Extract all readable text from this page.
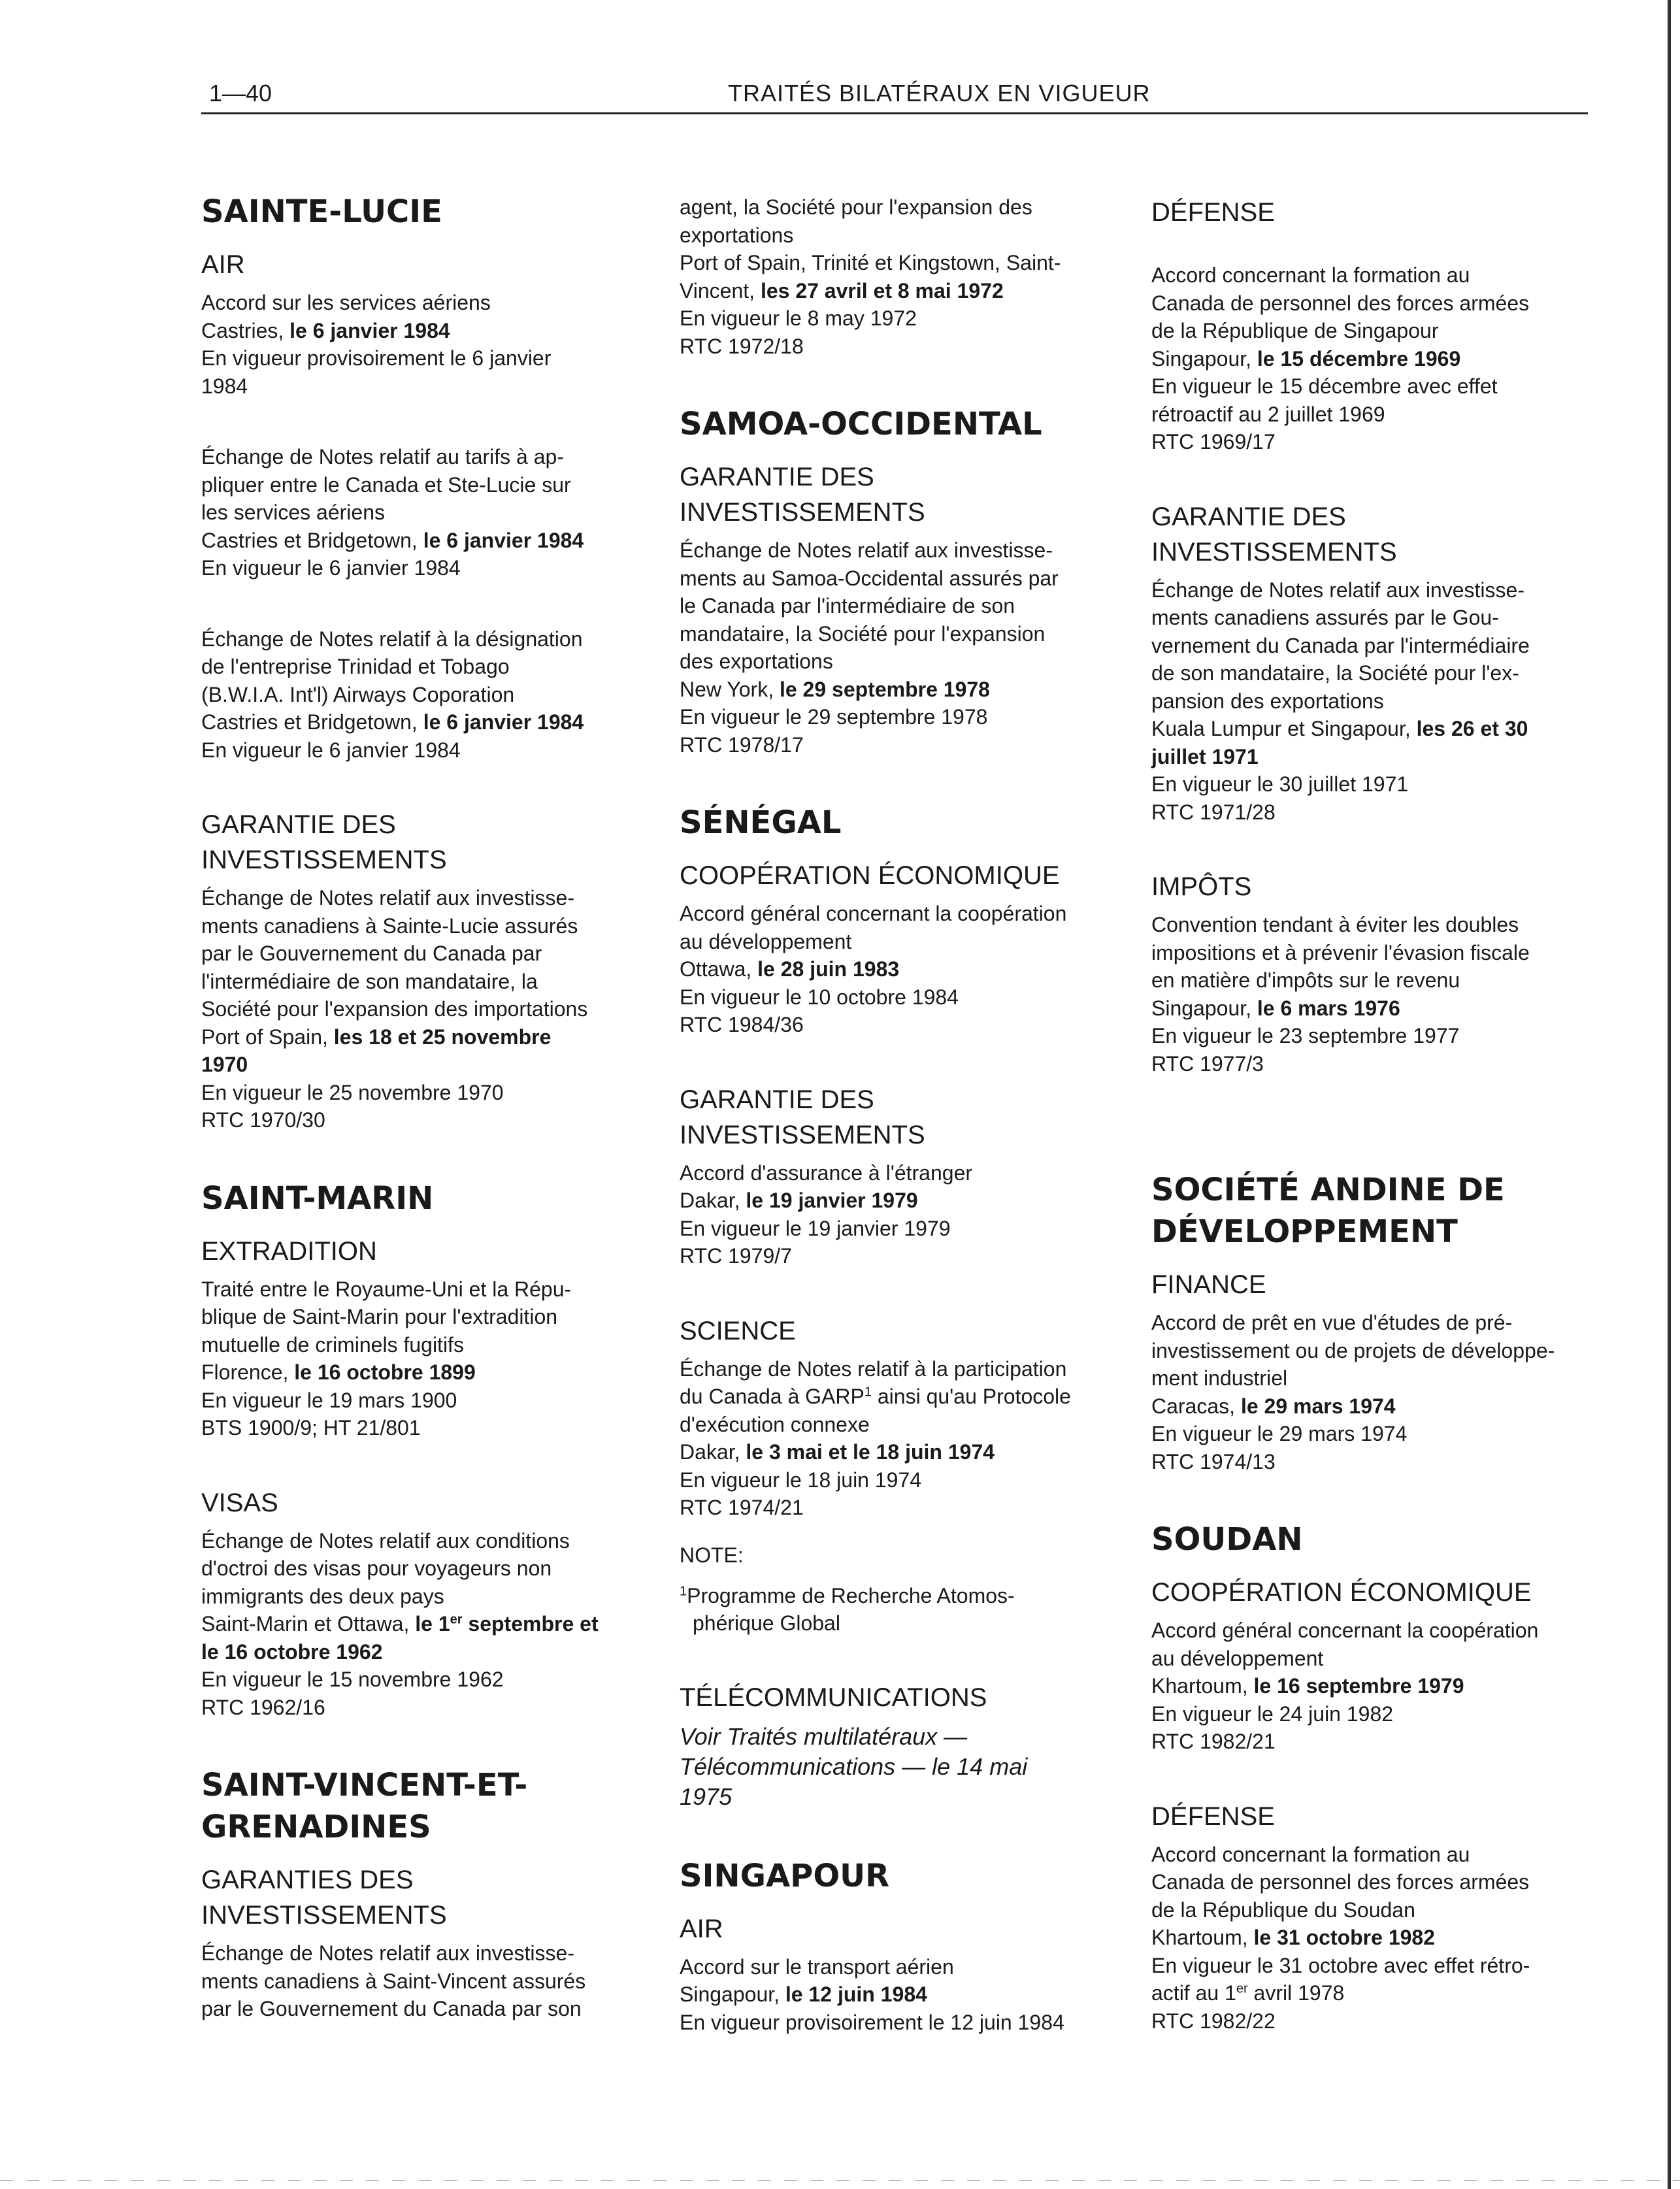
1—40	TRAITÉS BILATÉRAUX EN VIGUEUR
SAINTE-LUCIE
AIR
Accord sur les services aériens
Castries, le 6 janvier 1984
En vigueur provisoirement le 6 janvier
1984
Échange de Notes relatif au tarifs à ap-
pliquer entre le Canada et Ste-Lucie sur
les services aériens
Castries et Bridgetown, le 6 janvier 1984
En vigueur le 6 janvier 1984
Échange de Notes relatif à la désignation
de l'entreprise Trinidad et Tobago
(B.W.I.A. Int'l) Airways Coporation
Castries et Bridgetown, le 6 janvier 1984
En vigueur le 6 janvier 1984
GARANTIE DES
INVESTISSEMENTS
Échange de Notes relatif aux investisse-
ments canadiens à Sainte-Lucie assurés
par le Gouvernement du Canada par
l'intermédiaire de son mandataire, la
Société pour l'expansion des importations
Port of Spain, les 18 et 25 novembre
1970
En vigueur le 25 novembre 1970
RTC 1970/30
SAINT-MARIN
EXTRADITION
Traité entre le Royaume-Uni et la Répu-
blique de Saint-Marin pour l'extradition
mutuelle de criminels fugitifs
Florence, le 16 octobre 1899
En vigueur le 19 mars 1900
BTS 1900/9; HT 21/801
VISAS
Échange de Notes relatif aux conditions
d'octroi des visas pour voyageurs non
immigrants des deux pays
Saint-Marin et Ottawa, le 1er septembre et
le 16 octobre 1962
En vigueur le 15 novembre 1962
RTC 1962/16
SAINT-VINCENT-ET-
GRENADINES
GARANTIES DES
INVESTISSEMENTS
Échange de Notes relatif aux investisse-
ments canadiens à Saint-Vincent assurés
par le Gouvernement du Canada par son
agent, la Société pour l'expansion des
exportations
Port of Spain, Trinité et Kingstown, Saint-
Vincent, les 27 avril et 8 mai 1972
En vigueur le 8 may 1972
RTC 1972/18
SAMOA-OCCIDENTAL
GARANTIE DES
INVESTISSEMENTS
Échange de Notes relatif aux investisse-
ments au Samoa-Occidental assurés par
le Canada par l'intermédiaire de son
mandataire, la Société pour l'expansion
des exportations
New York, le 29 septembre 1978
En vigueur le 29 septembre 1978
RTC 1978/17
SÉNÉGAL
COOPÉRATION ÉCONOMIQUE
Accord général concernant la coopération
au développement
Ottawa, le 28 juin 1983
En vigueur le 10 octobre 1984
RTC 1984/36
GARANTIE DES
INVESTISSEMENTS
Accord d'assurance à l'étranger
Dakar, le 19 janvier 1979
En vigueur le 19 janvier 1979
RTC 1979/7
SCIENCE
Échange de Notes relatif à la participation
du Canada à GARP$^1$ ainsi qu'au Protocole
d'exécution connexe
Dakar, le 3 mai et le 18 juin 1974
En vigueur le 18 juin 1974
RTC 1974/21
NOTE:
$^1$Programme de Recherche Atomos-
phérique Global
TÉLÉCOMMUNICATIONS
Voir Traités multilatéraux —
Télécommunications — le 14 mai
1975
SINGAPOUR
AIR
Accord sur le transport aérien
Singapour, le 12 juin 1984
En vigueur provisoirement le 12 juin 1984
DÉFENSE
Accord concernant la formation au
Canada de personnel des forces armées
de la République de Singapour
Singapour, le 15 décembre 1969
En vigueur le 15 décembre avec effet
rétroactif au 2 juillet 1969
RTC 1969/17
GARANTIE DES
INVESTISSEMENTS
Échange de Notes relatif aux investisse-
ments canadiens assurés par le Gou-
vernement du Canada par l'intermédiaire
de son mandataire, la Société pour l'ex-
pansion des exportations
Kuala Lumpur et Singapour, les 26 et 30
juillet 1971
En vigueur le 30 juillet 1971
RTC 1971/28
IMPÔTS
Convention tendant à éviter les doubles
impositions et à prévenir l'évasion fiscale
en matière d'impôts sur le revenu
Singapour, le 6 mars 1976
En vigueur le 23 septembre 1977
RTC 1977/3
SOCIÉTÉ ANDINE DE
DÉVELOPPEMENT
FINANCE
Accord de prêt en vue d'études de pré-
investissement ou de projets de développe-
ment industriel
Caracas, le 29 mars 1974
En vigueur le 29 mars 1974
RTC 1974/13
SOUDAN
COOPÉRATION ÉCONOMIQUE
Accord général concernant la coopération
au développement
Khartoum, le 16 septembre 1979
En vigueur le 24 juin 1982
RTC 1982/21
DÉFENSE
Accord concernant la formation au
Canada de personnel des forces armées
de la République du Soudan
Khartoum, le 31 octobre 1982
En vigueur le 31 octobre avec effet rétro-
actif au 1er avril 1978
RTC 1982/22
